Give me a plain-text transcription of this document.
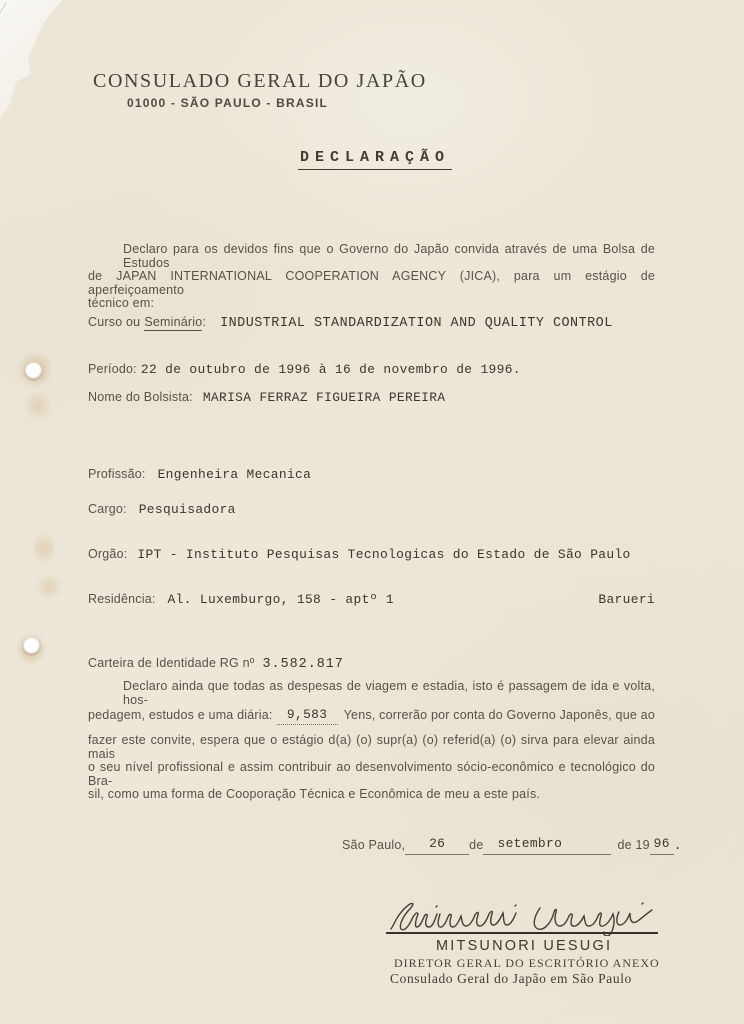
CONSULADO GERAL DO JAPÃO
01000 - SÃO PAULO - BRASIL
DECLARAÇÃO
Declaro para os devidos fins que o Governo do Japão convida através de uma Bolsa de Estudos
de JAPAN INTERNATIONAL COOPERATION AGENCY (JICA), para um estágio de aperfeiçoamento
técnico em:
Curso ou Seminário : INDUSTRIAL STANDARDIZATION AND QUALITY CONTROL
Período: 22 de outubro de 1996 à 16 de novembro de 1996.
Nome do Bolsista: MARISA FERRAZ FIGUEIRA PEREIRA
Profissão: Engenheira Mecanica
Cargo: Pesquisadora
Orgão: IPT - Instituto Pesquisas Tecnologicas do Estado de São Paulo
Residência: Al. Luxemburgo, 158 - aptº 1	Barueri
Carteira de Identidade RG nº 3.582.817
Declaro ainda que todas as despesas de viagem e estadia, isto é passagem de ida e volta, hos-
pedagem, estudos e uma diária:	9,583	Yens, correrão por conta do Governo Japonês, que ao
fazer este convite, espera que o estágio d(a) (o) supr(a) (o) referid(a) (o) sirva para elevar ainda mais
o seu nível profissional e assim contribuir ao desenvolvimento sócio-econômico e tecnológico do Bra-
sil, como uma forma de Cooporação Técnica e Econômica de meu a este país.
São Paulo,	26	de	setembro	de 19 96 .
MITSUNORI UESUGI
DIRETOR GERAL DO ESCRITÓRIO ANEXO
Consulado Geral do Japão em São Paulo
